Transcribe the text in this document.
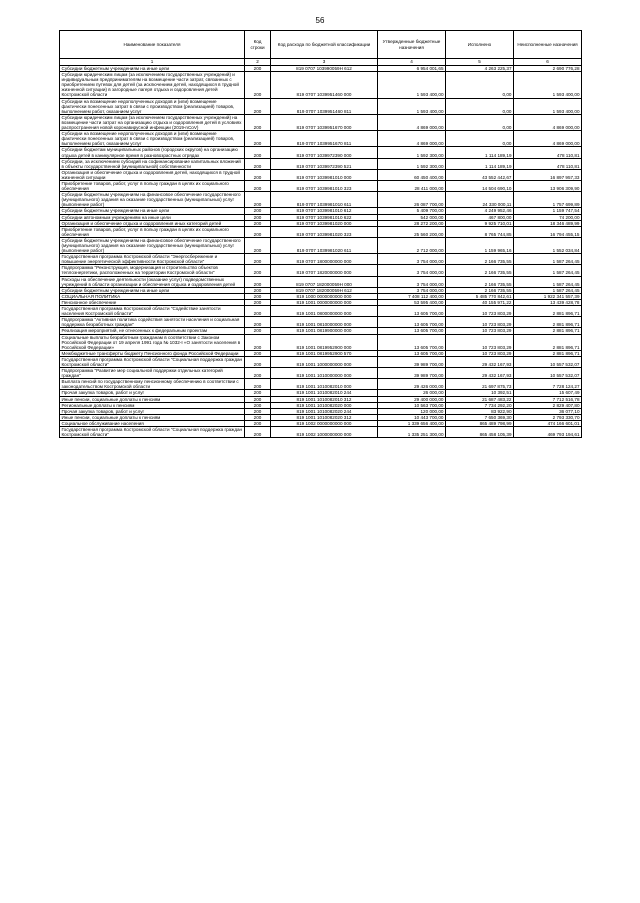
56
Наименование показателя	Код строки	Код расхода по бюджетной классификации	Утвержденные бюджетные назначения	Исполнено	Неисполненные назначения
1	2	3	4	5	6
Субсидии бюджетным учреждениям на иные цели	200	819 0707 103990059Н 612	6 954 001,65	4 263 225,37	2 690 776,28
Субсидии юридическим лицам (за исключением государственных учреждений) и индивидуальным предпринимателям на возмещение части затрат, связанных с приобретением путевок для детей (за исключением детей, находящихся в трудной жизненной ситуации) в загородные лагеря отдыха и оздоровления детей Костромской области	200	819 0707 1039951460 000	1 593 400,00	0,00	1 593 400,00
Субсидии на возмещение недополученных доходов и (или) возмещение фактически понесенных затрат в связи с производством (реализацией) товаров, выполнением работ, оказанием услуг	200	819 0707 1039951460 811	1 593 400,00	0,00	1 593 400,00
Субсидии юридическим лицам (за исключением государственных учреждений) на возмещение части затрат на организацию отдыха и оздоровления детей в условиях распространения новой коронавирусной инфекции (2019-nCoV)	200	819 0707 1039951670 000	4 869 000,00	0,00	4 869 000,00
Субсидии на возмещение недополученных доходов и (или) возмещение фактически понесенных затрат в связи с производством (реализацией) товаров, выполнением работ, оказанием услуг	200	819 0707 1039951670 811	4 869 000,00	0,00	4 869 000,00
Субсидии бюджетам муниципальных районов (городских округов) на организацию отдыха детей в каникулярное время в разновозрастных отрядах	200	819 0707 1039972390 000	1 592 300,00	1 114 189,19	478 110,81
Субсидии, за исключением субсидий на софинансирование капитальных вложений в объекты государственной (муниципальной) собственности	200	819 0707 1039972390 521	1 592 300,00	1 114 189,19	478 110,81
Организация и обеспечение отдыха и оздоровления детей, находящихся в трудной жизненной ситуации	200	819 0707 1039981010 000	60 450 400,00	43 552 442,67	16 897 957,33
Приобретение товаров, работ, услуг в пользу граждан в целях их социального обеспечения	200	819 0707 1039981010 323	28 411 000,00	14 504 690,10	13 906 309,90
Субсидии бюджетным учреждениям на финансовое обеспечение государственного (муниципального) задания на оказание государственных (муниципальных) услуг (выполнение работ)	200	819 0707 1039981010 611	26 087 700,00	24 330 000,11	1 757 699,89
Субсидии бюджетным учреждениям на иные цели	200	819 0707 1039981010 612	5 409 700,00	4 249 952,46	1 159 747,54
Субсидии автономным учреждениям на иные цели	200	819 0707 1039981010 622	542 000,00	467 800,00	74 200,00
Организация и обеспечение отдыха и оздоровления иных категорий детей	200	819 0707 1039981020 000	28 272 200,00	9 925 710,01	18 346 489,99
Приобретение товаров, работ, услуг в пользу граждан в целях их социального обеспечения	200	819 0707 1039981020 323	25 560 200,00	8 765 744,85	16 794 455,15
Субсидии бюджетным учреждениям на финансовое обеспечение государственного (муниципального) задания на оказание государственных (муниципальных) услуг (выполнение работ)	200	819 0707 1039981020 611	2 712 000,00	1 159 965,16	1 552 034,84
Государственная программа Костромской области "Энергосбережение и повышение энергетической эффективности Костромской области"	200	819 0707 1800000000 000	3 754 000,00	2 166 735,55	1 587 264,45
Подпрограмма "Реконструкция, модернизация и строительство объектов теплоэнергетики, расположенных на территории Костромской области"	200	819 0707 1820000000 000	3 754 000,00	2 166 735,55	1 587 264,45
Расходы на обеспечение деятельности (оказание услуг) подведомственных учреждений в области организации и обеспечения отдыха и оздоровления детей	200	819 0707 182000059Н 000	3 754 000,00	2 166 735,55	1 587 264,45
Субсидии бюджетным учреждениям на иные цели	200	819 0707 182000059Н 612	3 754 000,00	2 166 735,55	1 587 264,45
СОЦИАЛЬНАЯ ПОЛИТИКА	200	819 1000 0000000000 000	7 408 112 400,00	5 485 770 842,61	1 922 341 557,39
Пенсионное обеспечение	200	819 1001 0000000000 000	53 595 400,00	40 155 971,22	13 439 428,78
Государственная программа Костромской области "Содействие занятости населения Костромской области"	200	819 1001 0800000000 000	13 605 700,00	10 723 803,29	2 881 896,71
Подпрограмма "Активная политика содействия занятости населения и социальная поддержка безработных граждан"	200	819 1001 0810000000 000	13 605 700,00	10 723 803,29	2 881 896,71
Реализация мероприятий, не отнесенных к федеральным проектам	200	819 1001 0819900000 000	13 605 700,00	10 723 803,29	2 881 896,71
Социальные выплаты безработным гражданам в соответствии с Законом Российской Федерации от 19 апреля 1991 года № 1032-I «О занятости населения в Российской Федерации»	200	819 1001 0819952900 000	13 605 700,00	10 723 803,29	2 881 896,71
Межбюджетные трансферты бюджету Пенсионного фонда Российской Федерации	200	819 1001 0819952900 570	13 605 700,00	10 723 803,29	2 881 896,71
Государственная программа Костромской области "Социальная поддержка граждан Костромской области"	200	819 1001 1000000000 000	39 989 700,00	29 432 167,93	10 557 532,07
Подпрограмма "Развитие мер социальной поддержки отдельных категорий граждан"	200	819 1001 1010000000 000	39 989 700,00	29 432 167,93	10 557 532,07
Выплата пенсий по государственному пенсионному обеспечению в соответствии с законодательством Костромской области	200	819 1001 1010082010 000	29 426 000,00	21 697 875,73	7 728 124,27
Прочая закупка товаров, работ и услуг	200	819 1001 1010082010 244	26 000,00	10 392,51	15 607,49
Иные пенсии, социальные доплаты к пенсиям	200	819 1001 1010082010 312	29 400 000,00	21 687 483,22	7 712 516,78
Региональные доплаты к пенсиям	200	819 1001 1010082020 000	10 563 700,00	7 734 292,20	2 829 407,80
Прочая закупка товаров, работ и услуг	200	819 1001 1010082020 244	120 000,00	83 922,90	36 077,10
Иные пенсии, социальные доплаты к пенсиям	200	819 1001 1010082020 312	10 443 700,00	7 650 369,30	2 793 330,70
Социальное обслуживание населения	200	819 1002 0000000000 000	1 339 656 400,00	865 489 798,99	474 166 601,01
Государственная программа Костромской области "Социальная поддержка граждан Костромской области"	200	819 1002 1000000000 000	1 335 251 300,00	865 458 105,39	469 793 194,61
